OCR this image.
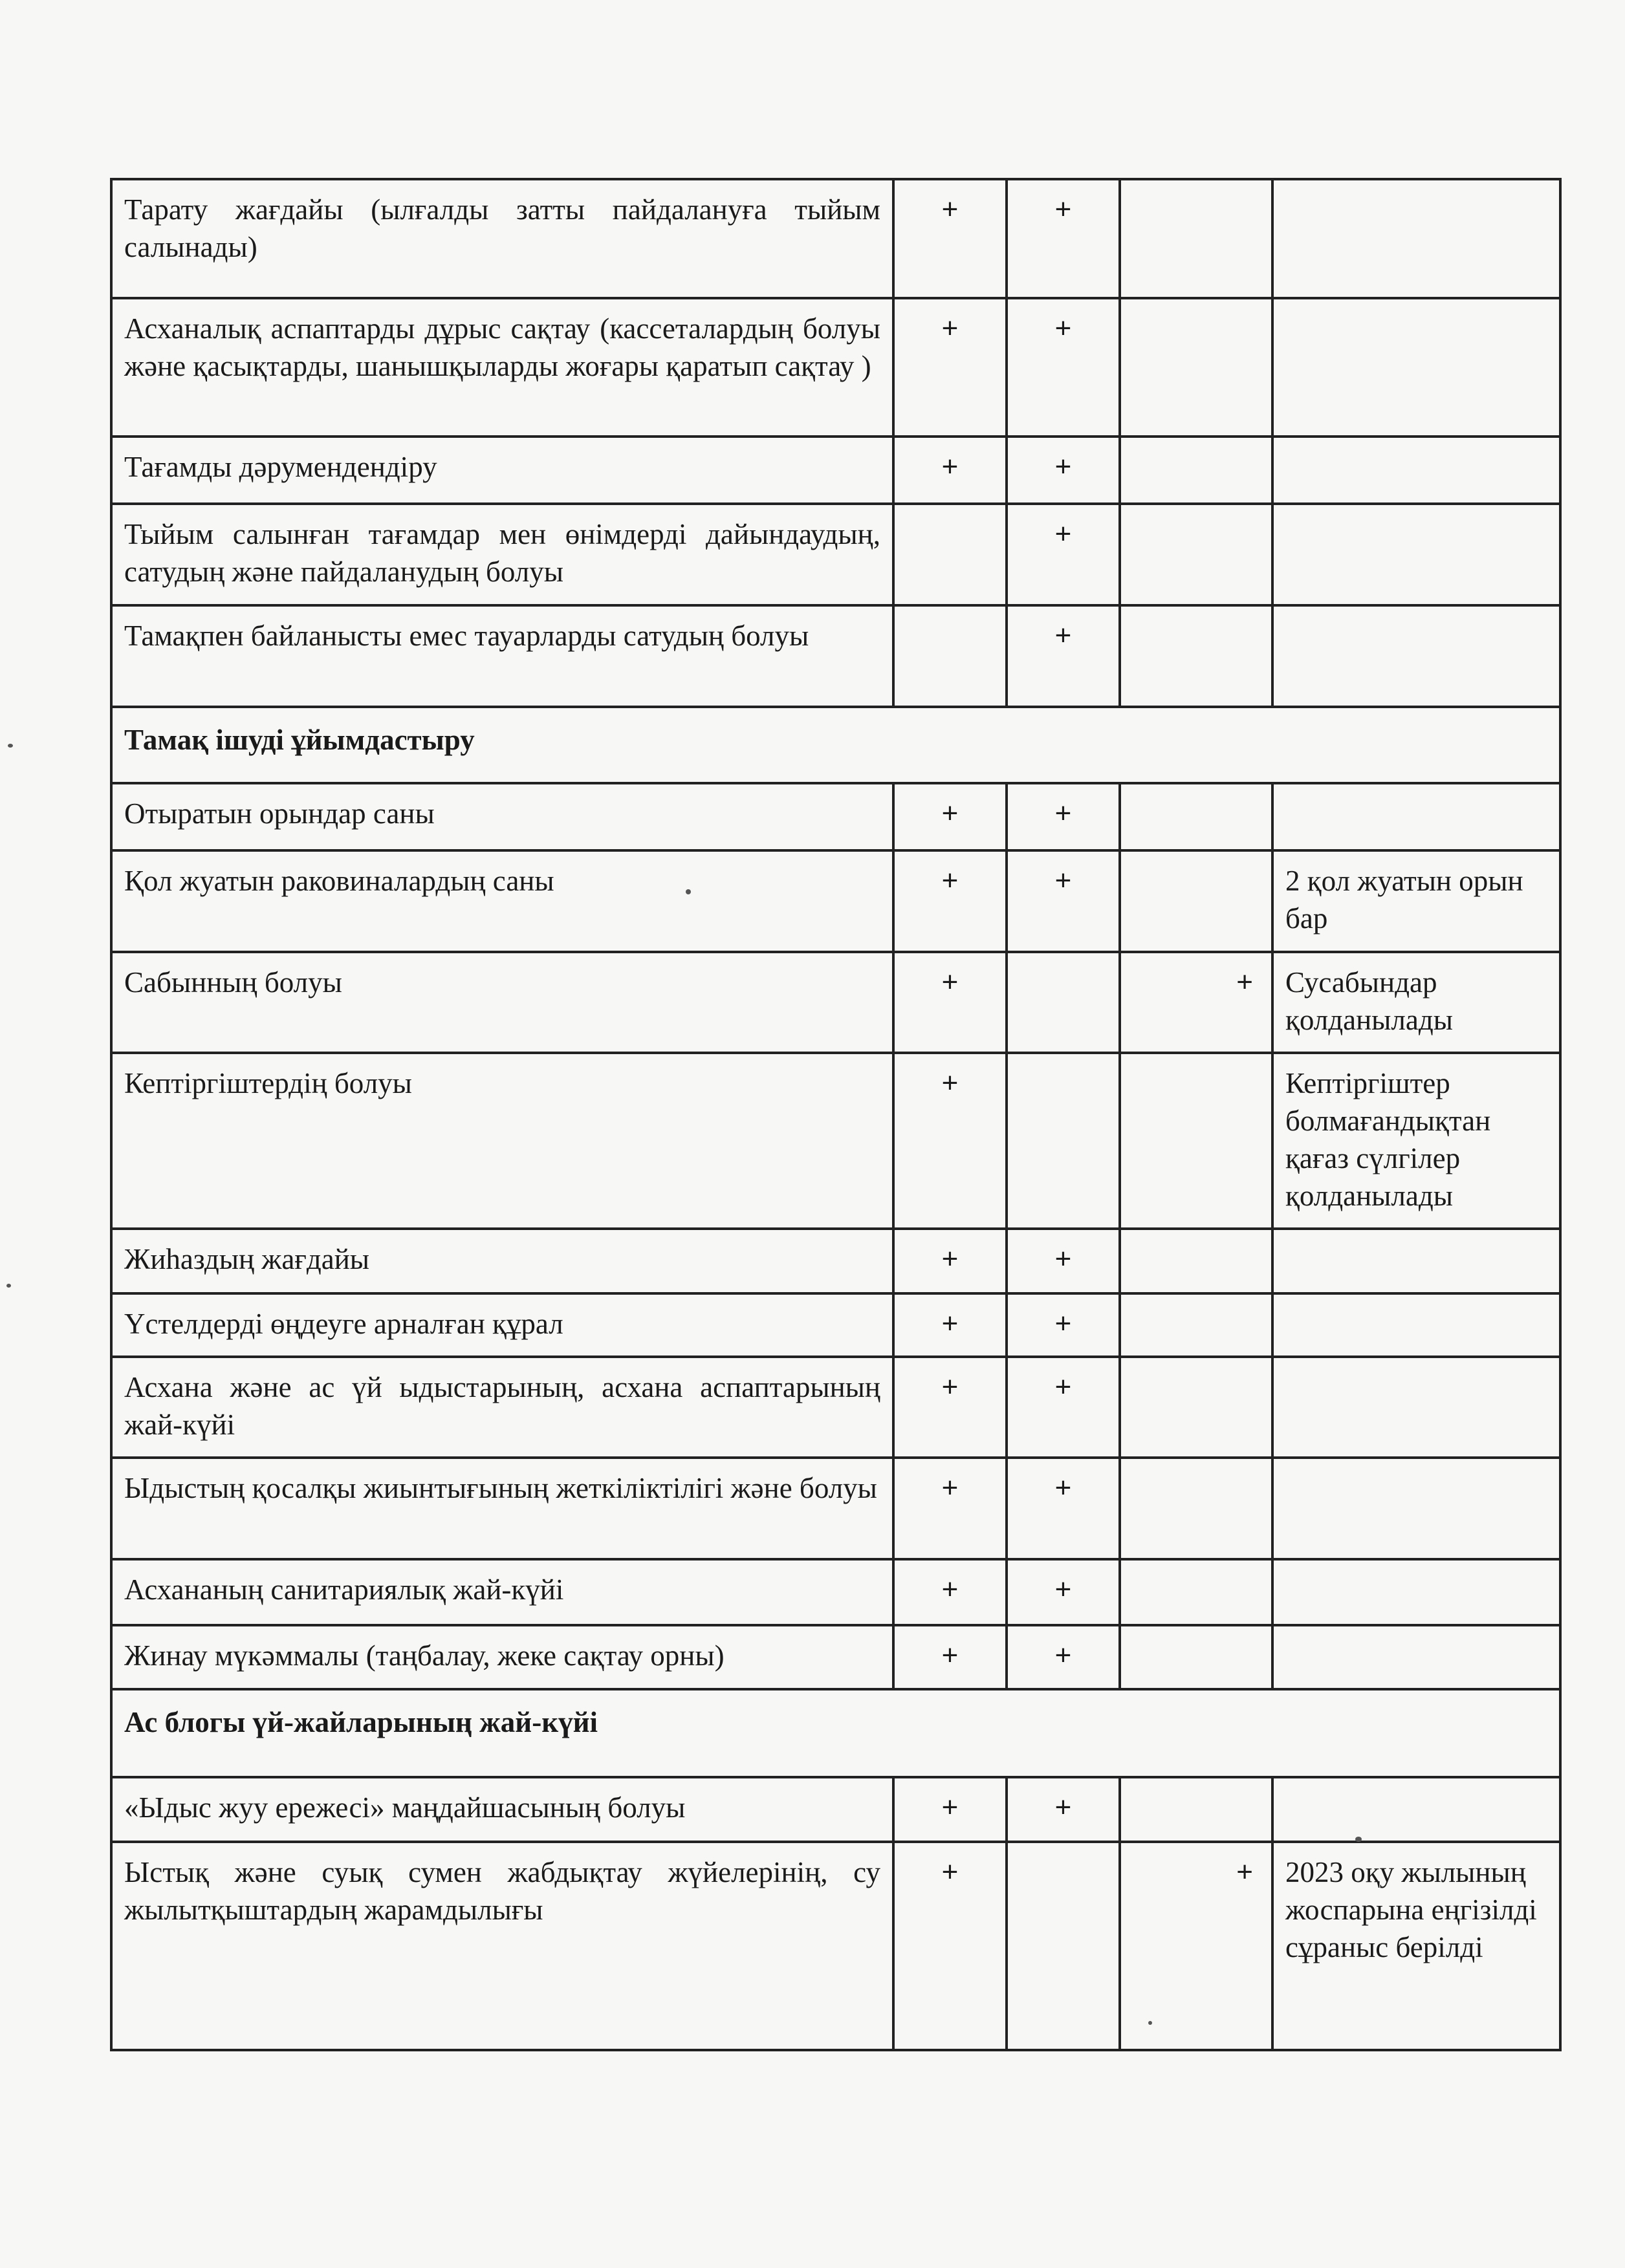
Тарату жағдайы (ылғалды затты пайдалануға тыйым салынады)	+	+		
Асханалық аспаптарды дұрыс сақтау (кассеталардың болуы және қасықтарды, шанышқыларды жоғары қаратып сақтау )	+	+		
Тағамды дәрумендендіру	+	+		
Тыйым салынған тағамдар мен өнімдерді дайындаудың, сатудың және пайдаланудың болуы		+		
Тамақпен байланысты емес тауарларды сатудың болуы		+		
Тамақ ішуді ұйымдастыру				
Отыратын орындар саны	+	+		
Қол жуатын раковиналардың саны	+	+		2 қол жуатын орын бар
Сабынның болуы	+		+	Сусабындар қолданылады
Кептіргіштердің болуы	+			Кептіргіштер болмағандықтан қағаз сүлгілер қолданылады
Жиһаздың жағдайы	+	+		
Үстелдерді өңдеуге арналған құрал	+	+		
Асхана және ас үй ыдыстарының, асхана аспаптарының жай-күйі	+	+		
Ыдыстың қосалқы жиынтығының жеткіліктілігі және болуы	+	+		
Асхананың санитариялық жай-күйі	+	+		
Жинау мүкәммалы (таңбалау, жеке сақтау орны)	+	+		
Ас блогы үй-жайларының жай-күйі				
«Ыдыс жуу ережесі» маңдайшасының болуы	+	+		
Ыстық және суық сумен жабдықтау жүйелерінің, су жылытқыштардың жарамдылығы	+		+	2023 оқу жылының жоспарына еңгізілді сұраныс берілді
